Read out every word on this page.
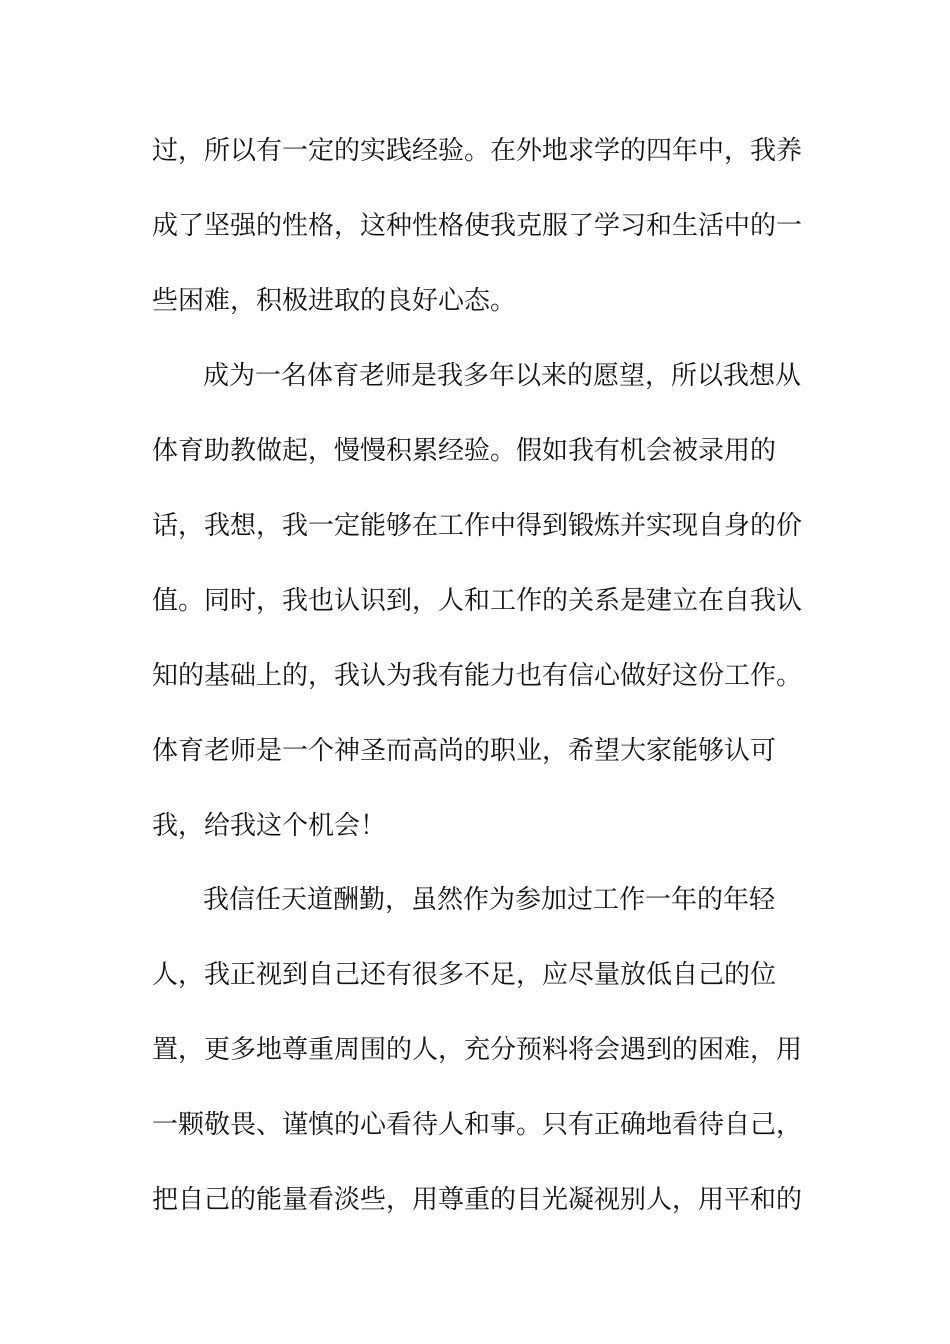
过，所以有一定的实践经验。在外地求学的四年中，我养
成了坚强的性格，这种性格使我克服了学习和生活中的一
些困难，积极进取的良好心态。
成为一名体育老师是我多年以来的愿望，所以我想从
体育助教做起，慢慢积累经验。假如我有机会被录用的
话，我想，我一定能够在工作中得到锻炼并实现自身的价
值。同时，我也认识到，人和工作的关系是建立在自我认
知的基础上的，我认为我有能力也有信心做好这份工作。
体育老师是一个神圣而高尚的职业，希望大家能够认可
我，给我这个机会！
我信任天道酬勤，虽然作为参加过工作一年的年轻
人，我正视到自己还有很多不足，应尽量放低自己的位
置，更多地尊重周围的人，充分预料将会遇到的困难，用
一颗敬畏、谨慎的心看待人和事。只有正确地看待自己，
把自己的能量看淡些，用尊重的目光凝视别人，用平和的
